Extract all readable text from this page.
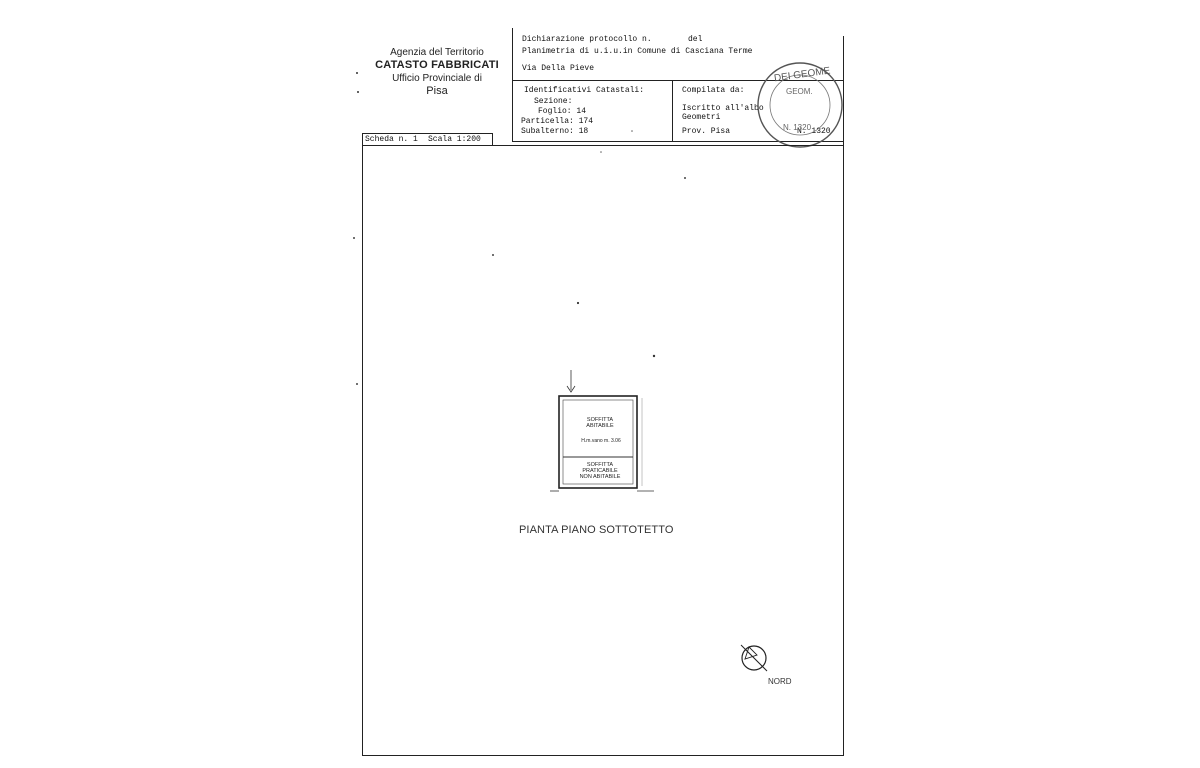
Agenzia del Territorio
CATASTO FABBRICATI
Ufficio Provinciale di
Pisa
Dichiarazione protocollo n.	del
Planimetria di u.i.u.in Comune di Casciana Terme
Via Della Pieve
Identificativi Catastali:
Sezione:
Foglio: 14
Particella: 174
Subalterno: 18
Compilata da:
Iscritto all'albo
Geometri
Prov. Pisa	N. 1320
DEI GEOME
GEOM.
N. 1320
Scheda n. 1 Scala 1:200
SOFFITTA
ABITABILE
H.m.vano m. 3.06
SOFFITTA
PRATICABILE
NON ABITABILE
PIANTA PIANO SOTTOTETTO
NORD
